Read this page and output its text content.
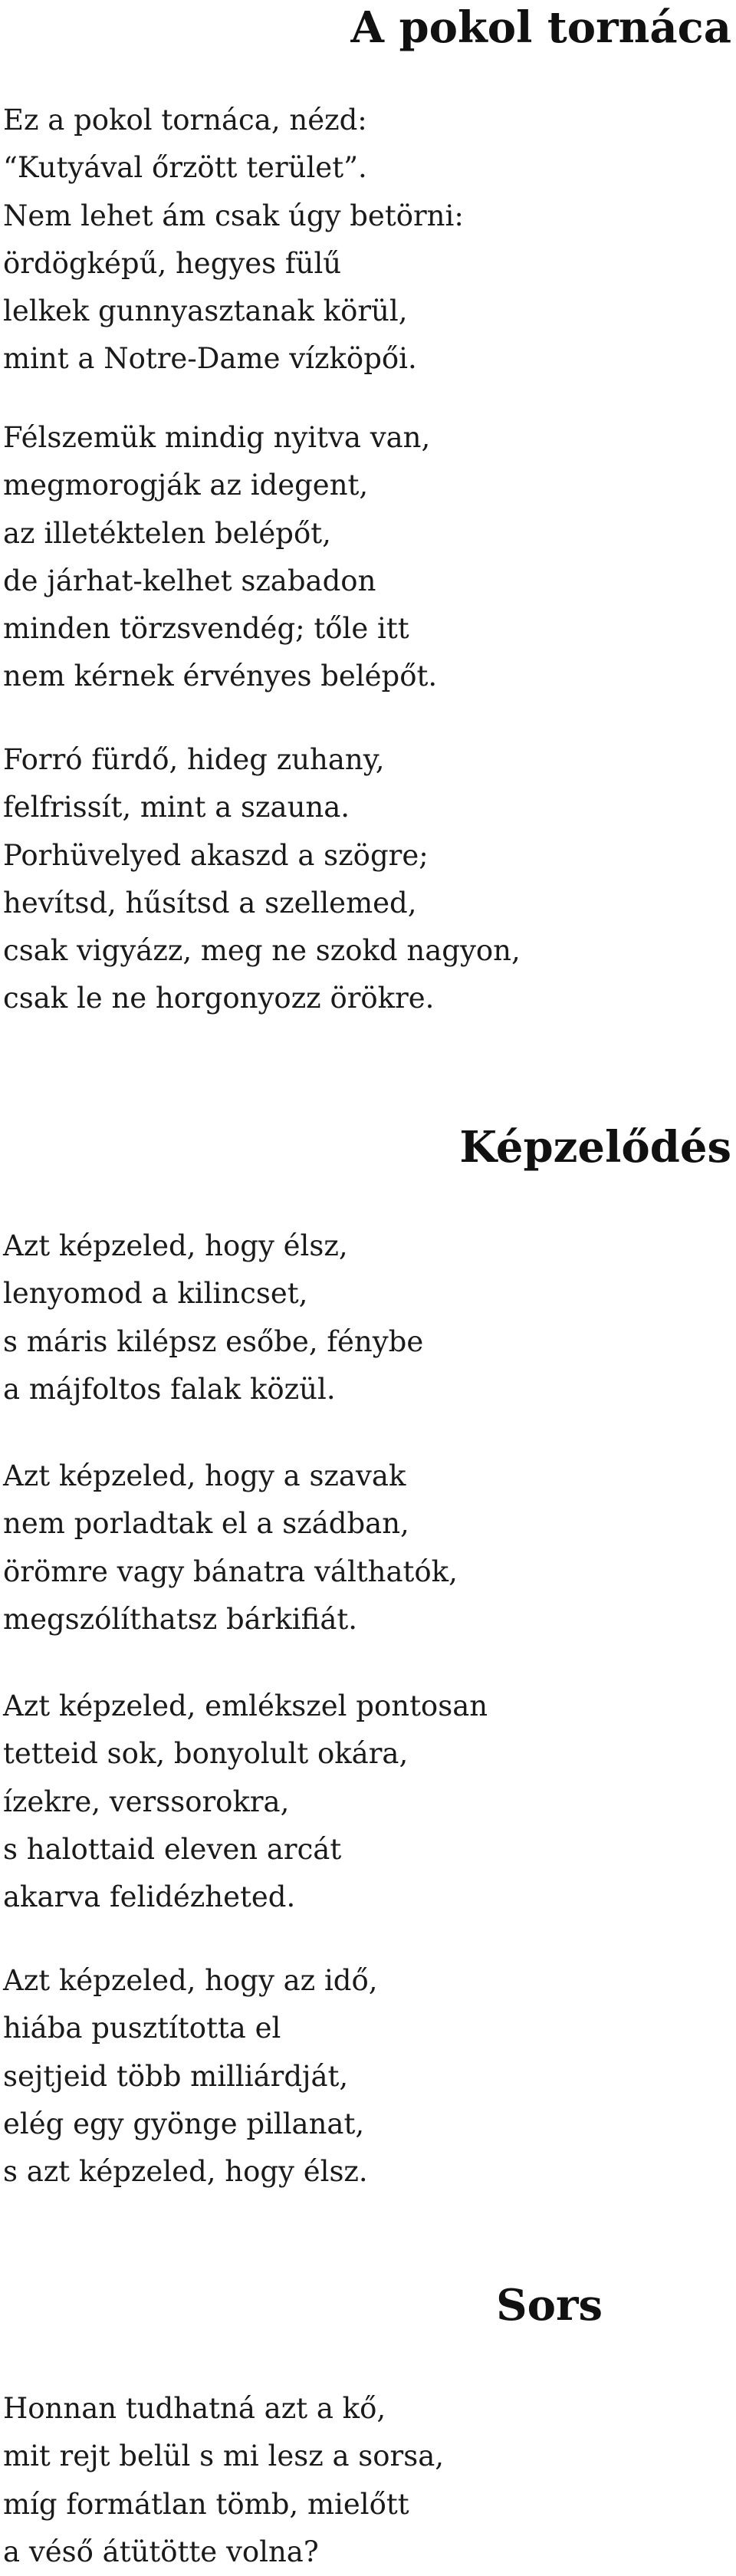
A pokol tornáca
Ez a pokol tornáca, nézd:
“Kutyával őrzött terület”.
Nem lehet ám csak úgy betörni:
ördögképű, hegyes fülű
lelkek gunnyasztanak körül,
mint a Notre-Dame vízköpői.
Félszemük mindig nyitva van,
megmorogják az idegent,
az illetéktelen belépőt,
de járhat-kelhet szabadon
minden törzsvendég; tőle itt
nem kérnek érvényes belépőt.
Forró fürdő, hideg zuhany,
felfrissít, mint a szauna.
Porhüvelyed akaszd a szögre;
hevítsd, hűsítsd a szellemed,
csak vigyázz, meg ne szokd nagyon,
csak le ne horgonyozz örökre.
Képzelődés
Azt képzeled, hogy élsz,
lenyomod a kilincset,
s máris kilépsz esőbe, fénybe
a májfoltos falak közül.
Azt képzeled, hogy a szavak
nem porladtak el a szádban,
örömre vagy bánatra válthatók,
megszólíthatsz bárkifiát.
Azt képzeled, emlékszel pontosan
tetteid sok, bonyolult okára,
ízekre, verssorokra,
s halottaid eleven arcát
akarva felidézheted.
Azt képzeled, hogy az idő,
hiába pusztította el
sejtjeid több milliárdját,
elég egy gyönge pillanat,
s azt képzeled, hogy élsz.
Sors
Honnan tudhatná azt a kő,
mit rejt belül s mi lesz a sorsa,
míg formátlan tömb, mielőtt
a véső átütötte volna?
